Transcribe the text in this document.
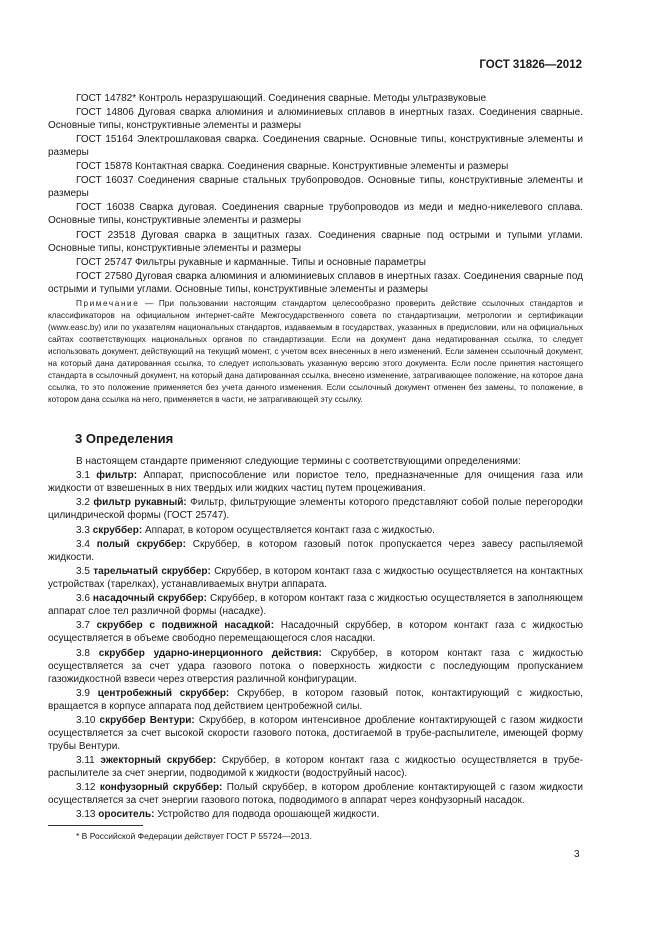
ГОСТ 31826—2012

ГОСТ 14782* Контроль неразрушающий. Соединения сварные. Методы ультразвуковые

ГОСТ 14806 Дуговая сварка алюминия и алюминиевых сплавов в инертных газах. Соединения сварные. Основные типы, конструктивные элементы и размеры

ГОСТ 15164 Электрошлаковая сварка. Соединения сварные. Основные типы, конструктивные элементы и размеры

ГОСТ 15878 Контактная сварка. Соединения сварные. Конструктивные элементы и размеры

ГОСТ 16037 Соединения сварные стальных трубопроводов. Основные типы, конструктивные элементы и размеры

ГОСТ 16038 Сварка дуговая. Соединения сварные трубопроводов из меди и медно-никелевого сплава. Основные типы, конструктивные элементы и размеры

ГОСТ 23518 Дуговая сварка в защитных газах. Соединения сварные под острыми и тупыми углами. Основные типы, конструктивные элементы и размеры

ГОСТ 25747 Фильтры рукавные и карманные. Типы и основные параметры

ГОСТ 27580 Дуговая сварка алюминия и алюминиевых сплавов в инертных газах. Соединения сварные под острыми и тупыми углами. Основные типы, конструктивные элементы и размеры

Примечание — При пользовании настоящим стандартом целесообразно проверить действие ссылочных стандартов и классификаторов на официальном интернет-сайте Межгосударственного совета по стандартизации, метрологии и сертификации (www.easc.by) или по указателям национальных стандартов, издаваемым в государствах, указанных в предисловии, или на официальных сайтах соответствующих национальных органов по стандартизации. Если на документ дана недатированная ссылка, то следует использовать документ, действующий на текущий момент, с учетом всех внесенных в него изменений. Если заменен ссылочный документ, на который дана датированная ссылка, то следует использовать указанную версию этого документа. Если после принятия настоящего стандарта в ссылочный документ, на который дана датированная ссылка, внесено изменение, затрагивающее положение, на которое дана ссылка, то это положение применяется без учета данного изменения. Если ссылочный документ отменен без замены, то положение, в котором дана ссылка на него, применяется в части, не затрагивающей эту ссылку.

3 Определения

В настоящем стандарте применяют следующие термины с соответствующими определениями:

3.1 фильтр: Аппарат, приспособление или пористое тело, предназначенные для очищения газа или жидкости от взвешенных в них твердых или жидких частиц путем процеживания.

3.2 фильтр рукавный: Фильтр, фильтрующие элементы которого представляют собой полые перегородки цилиндрической формы (ГОСТ 25747).

3.3 скруббер: Аппарат, в котором осуществляется контакт газа с жидкостью.

3.4 полый скруббер: Скруббер, в котором газовый поток пропускается через завесу распыляемой жидкости.

3.5 тарельчатый скруббер: Скруббер, в котором контакт газа с жидкостью осуществляется на контактных устройствах (тарелках), устанавливаемых внутри аппарата.

3.6 насадочный скруббер: Скруббер, в котором контакт газа с жидкостью осуществляется в заполняющем аппарат слое тел различной формы (насадке).

3.7 скруббер с подвижной насадкой: Насадочный скруббер, в котором контакт газа с жидкостью осуществляется в объеме свободно перемещающегося слоя насадки.

3.8 скруббер ударно-инерционного действия: Скруббер, в котором контакт газа с жидкостью осуществляется за счет удара газового потока о поверхность жидкости с последующим пропусканием газожидкостной взвеси через отверстия различной конфигурации.

3.9 центробежный скруббер: Скруббер, в котором газовый поток, контактирующий с жидкостью, вращается в корпусе аппарата под действием центробежной силы.

3.10 скруббер Вентури: Скруббер, в котором интенсивное дробление контактирующей с газом жидкости осуществляется за счет высокой скорости газового потока, достигаемой в трубе-распылителе, имеющей форму трубы Вентури.

3.11 эжекторный скруббер: Скруббер, в котором контакт газа с жидкостью осуществляется в трубе-распылителе за счет энергии, подводимой к жидкости (водоструйный насос).

3.12 конфузорный скруббер: Полый скруббер, в котором дробление контактирующей с газом жидкости осуществляется за счет энергии газового потока, подводимого в аппарат через конфузорный насадок.

3.13 ороситель: Устройство для подвода орошающей жидкости.

* В Российской Федерации действует ГОСТ Р 55724—2013.
3
